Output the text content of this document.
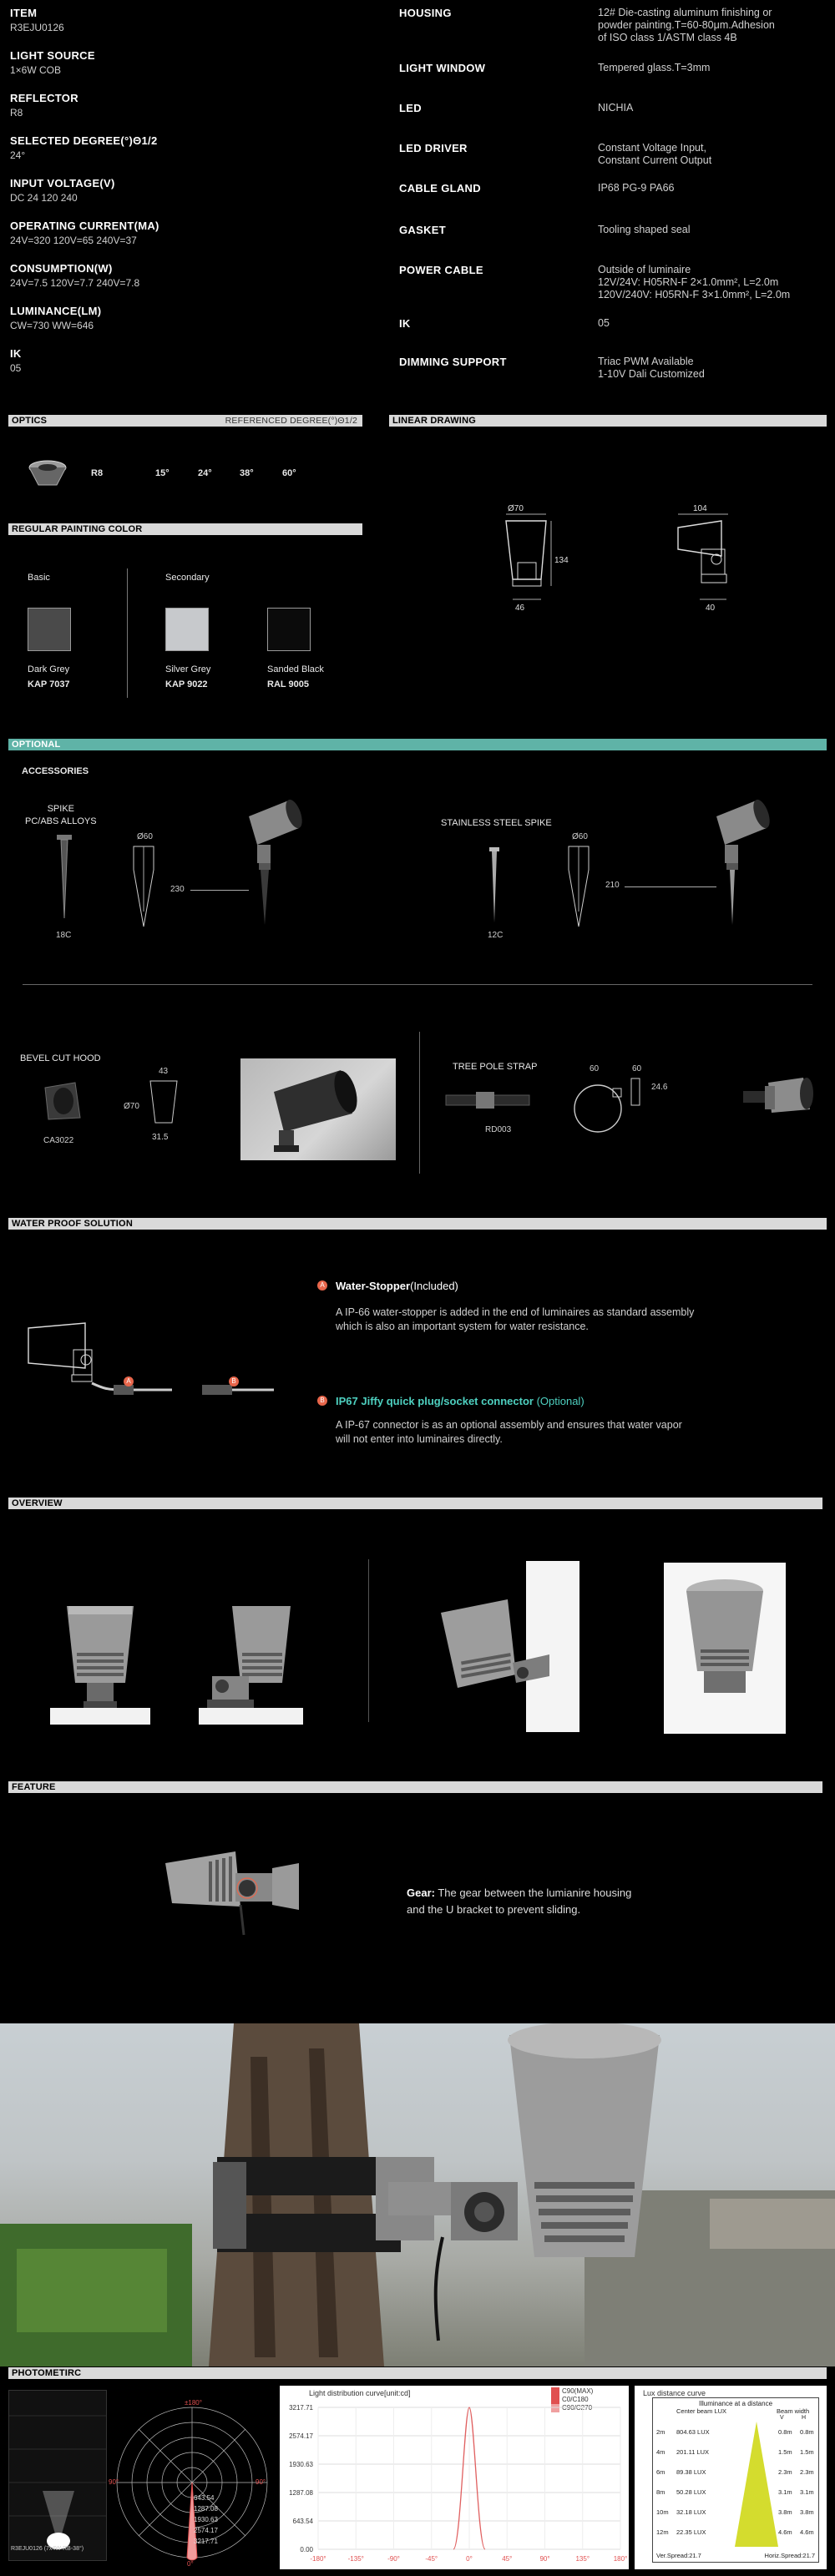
ITEM
R3EJU0126
LIGHT SOURCE
1×6W COB
REFLECTOR
R8
SELECTED DEGREE(°)Θ1/2
24°
INPUT VOLTAGE(V)
DC 24 120 240
OPERATING CURRENT(MA)
24V=320 120V=65 240V=37
CONSUMPTION(W)
24V=7.5 120V=7.7 240V=7.8
LUMINANCE(LM)
CW=730 WW=646
IK
05
HOUSING	12# Die-casting aluminum finishing or
powder painting.T=60-80μm.Adhesion
of ISO class 1/ASTM class 4B
LIGHT WINDOW	Tempered glass.T=3mm
LED	NICHIA
LED DRIVER	Constant Voltage Input,
Constant Current Output
CABLE GLAND	IP68 PG-9 PA66
GASKET	Tooling shaped seal
POWER CABLE	Outside of luminaire
12V/24V: H05RN-F 2×1.0mm², L=2.0m
120V/240V: H05RN-F 3×1.0mm², L=2.0m
IK	05
DIMMING SUPPORT	Triac PWM Available
1-10V Dali Customized
OPTICS	REFERENCED DEGREE(°)Θ1/2	LINEAR DRAWING
R8	15°	24°	38°	60°
Ø70
134
46
104
40
REGULAR PAINTING COLOR
Basic	Secondary
Dark Grey
KAP 7037
Silver Grey
KAP 9022
Sanded Black
RAL 9005
OPTIONAL
ACCESSORIES
SPIKE
PC/ABS ALLOYS
18C
Ø60
230
STAINLESS STEEL SPIKE
12C
Ø60
210
BEVEL CUT HOOD
CA3022
43
Ø70
31.5
TREE POLE STRAP
RD003
60	60
24.6
WATER PROOF SOLUTION
A	B
A Water-Stopper(Included)
A IP-66 water-stopper is added in the end of luminaires as standard assembly
which is also an important system for water resistance.
B IP67 Jiffy quick plug/socket connector (Optional)
A IP-67 connector is as an optional assembly and ensures that water vapor
will not enter into luminaires directly.
OVERVIEW
FEATURE
Gear: The gear between the lumianire housing
and the U bracket to prevent sliding.
PHOTOMETIRC
R3EJU0126 (7x4W-RB-38°)
±180°
90°	90°
0°
643.54
1287.08
1930.63
2574.17
3217.71
Light distribution curve[unit:cd]	C90(MAX)
C0/C180
C90/C270
3217.71
2574.17
1930.63
1287.08
643.54
0.00
-180°	-135°	-90°	-45°	0°	45°	90°	135°	180°
Lux distance curve
Illuminance at a distance
Center beam LUX	Beam width
V	H
2m 804.63 LUX	0.8m 0.8m
4m 201.11 LUX	1.5m 1.5m
6m 89.38 LUX	2.3m 2.3m
8m 50.28 LUX	3.1m 3.1m
10m 32.18 LUX	3.8m 3.8m
12m 22.35 LUX	4.6m 4.6m
Ver.Spread:21.7	Horiz.Spread:21.7
